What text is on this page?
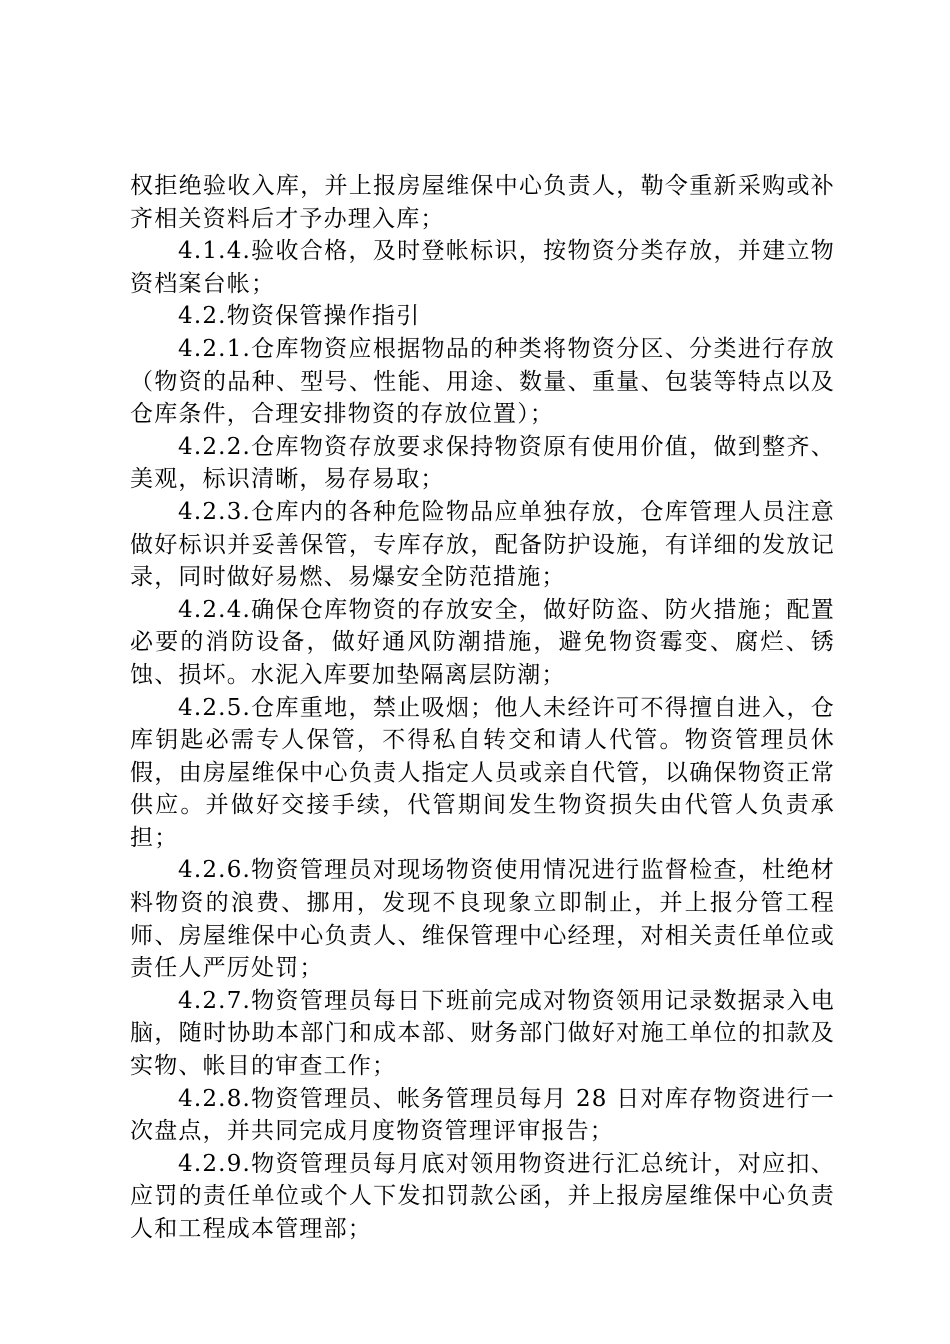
权拒绝验收入库，并上报房屋维保中心负责人，勒令重新采购或补齐相关资料后才予办理入库；

4.1.4.验收合格，及时登帐标识，按物资分类存放，并建立物资档案台帐；

4.2.物资保管操作指引

4.2.1.仓库物资应根据物品的种类将物资分区、分类进行存放（物资的品种、型号、性能、用途、数量、重量、包装等特点以及仓库条件，合理安排物资的存放位置）；

4.2.2.仓库物资存放要求保持物资原有使用价值，做到整齐、美观，标识清晰，易存易取；

4.2.3.仓库内的各种危险物品应单独存放，仓库管理人员注意做好标识并妥善保管，专库存放，配备防护设施，有详细的发放记录，同时做好易燃、易爆安全防范措施；

4.2.4.确保仓库物资的存放安全，做好防盗、防火措施；配置必要的消防设备，做好通风防潮措施，避免物资霉变、腐烂、锈蚀、损坏。水泥入库要加垫隔离层防潮；

4.2.5.仓库重地，禁止吸烟；他人未经许可不得擅自进入，仓库钥匙必需专人保管，不得私自转交和请人代管。物资管理员休假，由房屋维保中心负责人指定人员或亲自代管，以确保物资正常供应。并做好交接手续，代管期间发生物资损失由代管人负责承担；

4.2.6.物资管理员对现场物资使用情况进行监督检查，杜绝材料物资的浪费、挪用，发现不良现象立即制止，并上报分管工程师、房屋维保中心负责人、维保管理中心经理，对相关责任单位或责任人严厉处罚；

4.2.7.物资管理员每日下班前完成对物资领用记录数据录入电脑，随时协助本部门和成本部、财务部门做好对施工单位的扣款及实物、帐目的审查工作；

4.2.8.物资管理员、帐务管理员每月 28 日对库存物资进行一次盘点，并共同完成月度物资管理评审报告；

4.2.9.物资管理员每月底对领用物资进行汇总统计，对应扣、应罚的责任单位或个人下发扣罚款公函，并上报房屋维保中心负责人和工程成本管理部；
